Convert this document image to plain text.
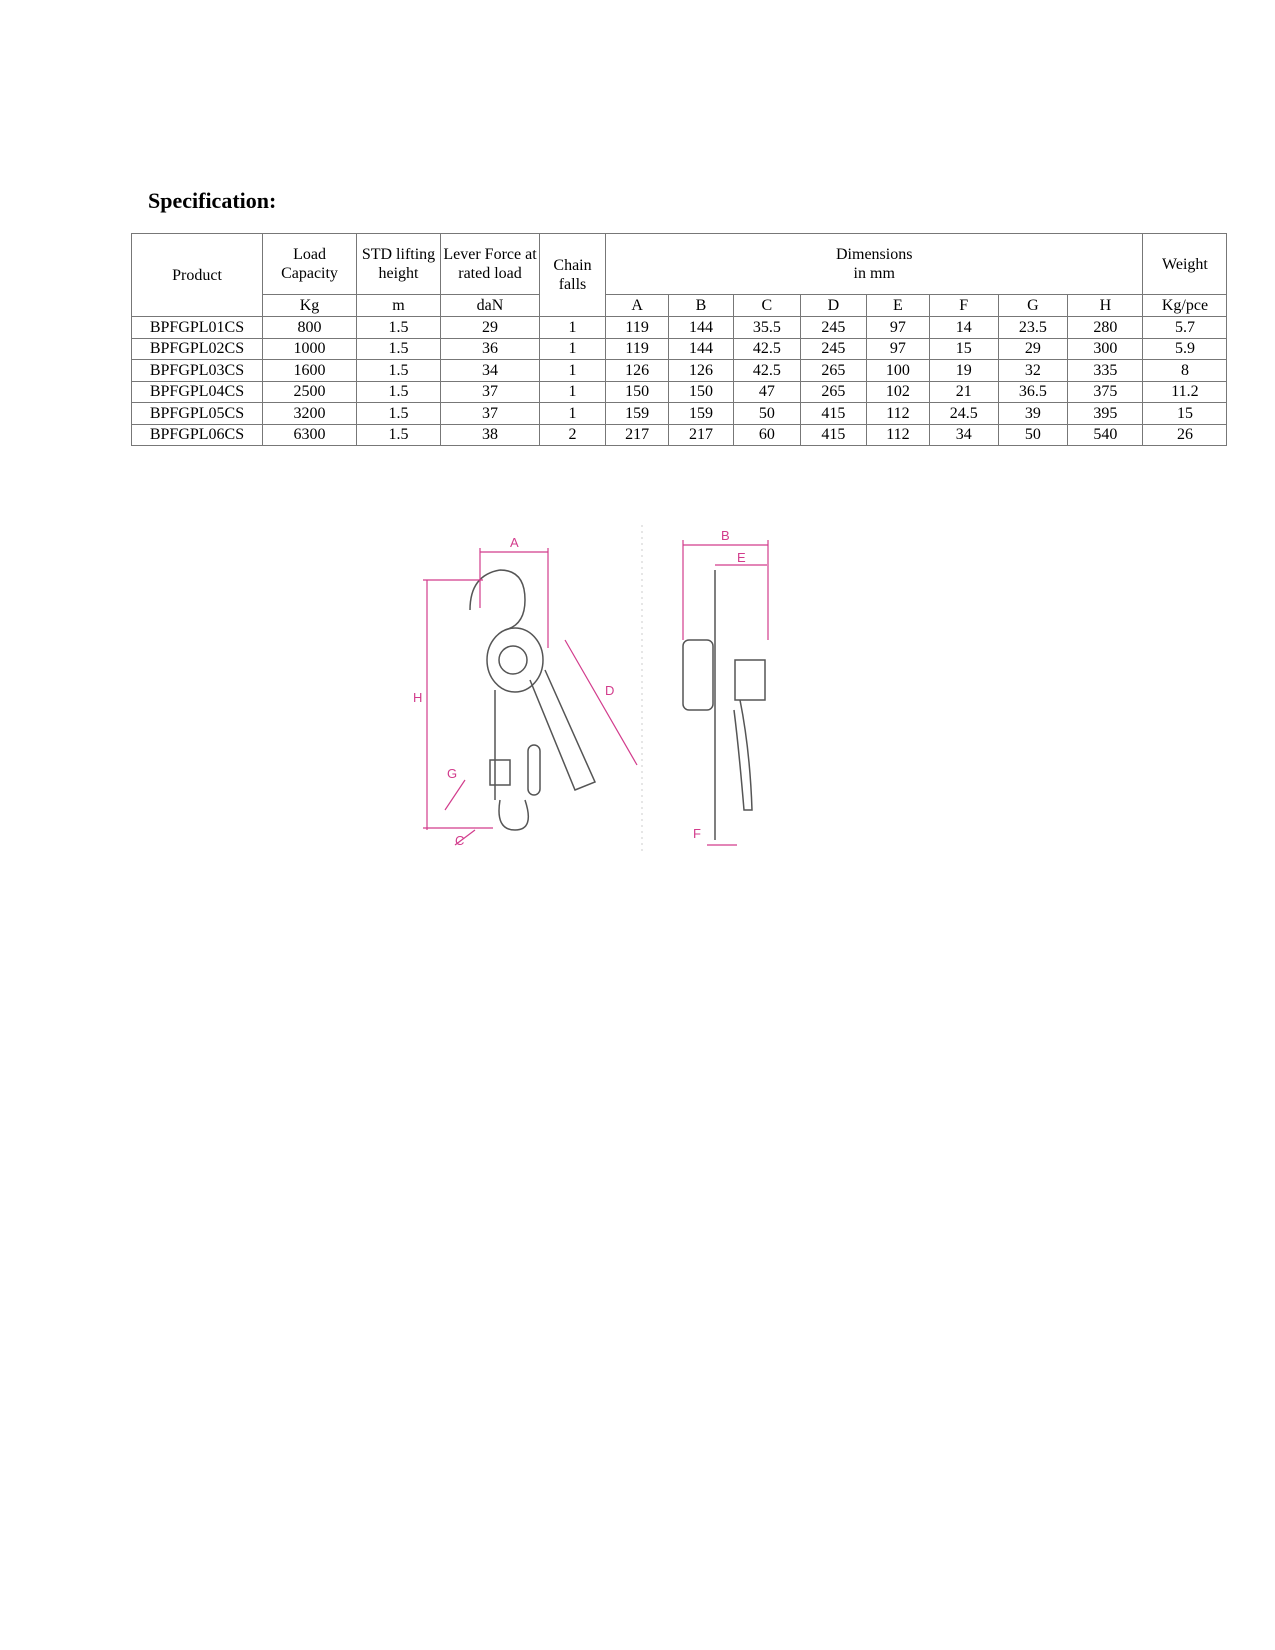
Specification:
Product	Load Capacity	STD lifting height	Lever Force at rated load	Chain falls	Dimensions in mm								Weight
	Kg	m	daN		A	B	C	D	E	F	G	H	Kg/pce
BPFGPL01CS	800	1.5	29	1	119	144	35.5	245	97	14	23.5	280	5.7
BPFGPL02CS	1000	1.5	36	1	119	144	42.5	245	97	15	29	300	5.9
BPFGPL03CS	1600	1.5	34	1	126	126	42.5	265	100	19	32	335	8
BPFGPL04CS	2500	1.5	37	1	150	150	47	265	102	21	36.5	375	11.2
BPFGPL05CS	3200	1.5	37	1	159	159	50	415	112	24.5	39	395	15
BPFGPL06CS	6300	1.5	38	2	217	217	60	415	112	34	50	540	26
A	B
C
D
E
F
G
H
